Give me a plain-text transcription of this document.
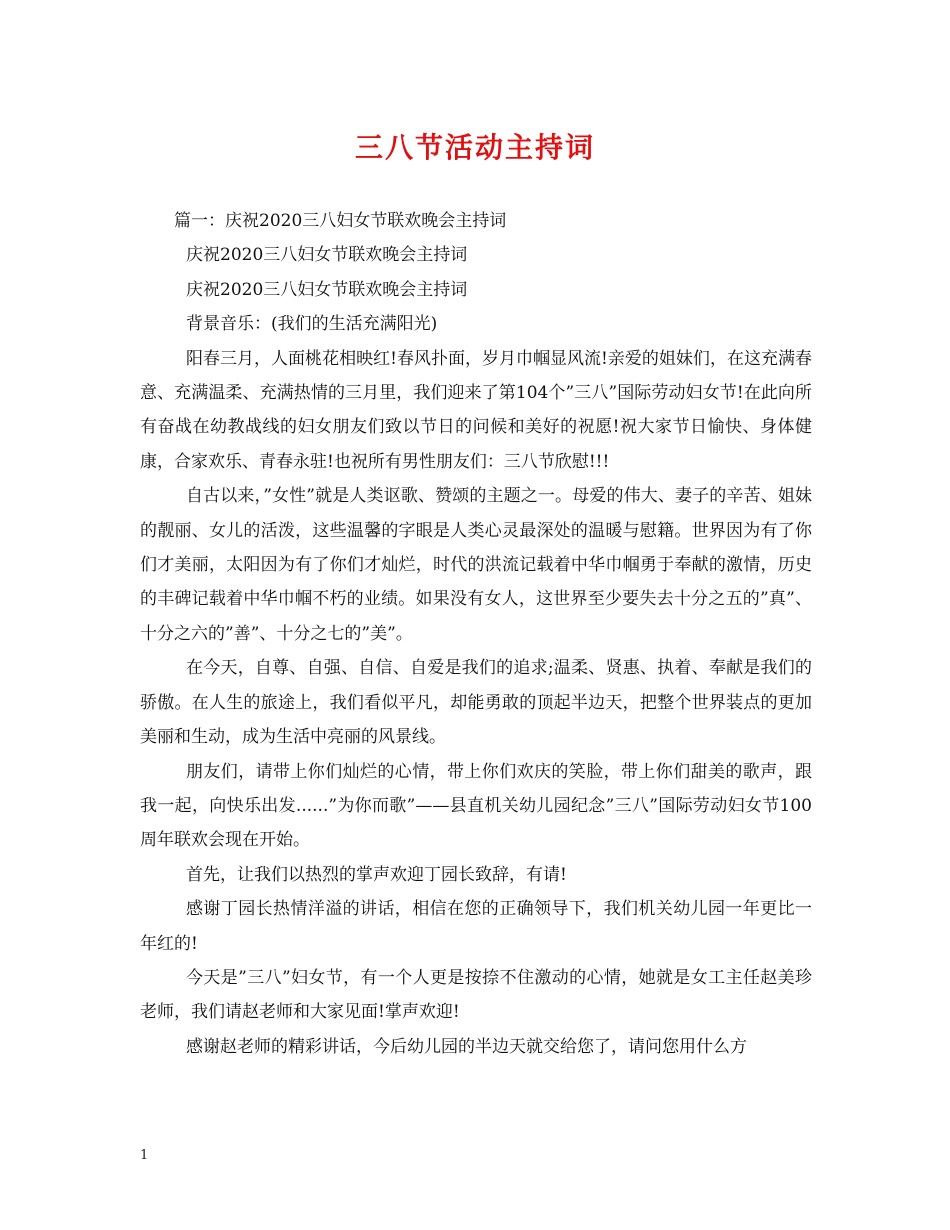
三八节活动主持词
篇一：庆祝2020三八妇女节联欢晚会主持词
庆祝2020三八妇女节联欢晚会主持词
庆祝2020三八妇女节联欢晚会主持词
背景音乐：(我们的生活充满阳光)

阳春三月，人面桃花相映红!春风扑面，岁月巾帼显风流!亲爱的姐妹们，在这充满春意、充满温柔、充满热情的三月里，我们迎来了第104个”三八”国际劳动妇女节!在此向所有奋战在幼教战线的妇女朋友们致以节日的问候和美好的祝愿!祝大家节日愉快、身体健康，合家欢乐、青春永驻!也祝所有男性朋友们：三八节欣慰!!!

自古以来，”女性”就是人类讴歌、赞颂的主题之一。母爱的伟大、妻子的辛苦、姐妹的靓丽、女儿的活泼，这些温馨的字眼是人类心灵最深处的温暖与慰籍。世界因为有了你们才美丽，太阳因为有了你们才灿烂，时代的洪流记载着中华巾帼勇于奉献的激情，历史的丰碑记载着中华巾帼不朽的业绩。如果没有女人，这世界至少要失去十分之五的”真”、十分之六的”善”、十分之七的”美”。

在今天，自尊、自强、自信、自爱是我们的追求;温柔、贤惠、执着、奉献是我们的骄傲。在人生的旅途上，我们看似平凡，却能勇敢的顶起半边天，把整个世界装点的更加美丽和生动，成为生活中亮丽的风景线。

朋友们，请带上你们灿烂的心情，带上你们欢庆的笑脸，带上你们甜美的歌声，跟我一起，向快乐出发......”为你而歌”——县直机关幼儿园纪念”三八”国际劳动妇女节100周年联欢会现在开始。

首先，让我们以热烈的掌声欢迎丁园长致辞，有请!

感谢丁园长热情洋溢的讲话，相信在您的正确领导下，我们机关幼儿园一年更比一年红的!

今天是”三八”妇女节，有一个人更是按捺不住激动的心情，她就是女工主任赵美珍老师，我们请赵老师和大家见面!掌声欢迎!

感谢赵老师的精彩讲话，今后幼儿园的半边天就交给您了，请问您用什么方

1
